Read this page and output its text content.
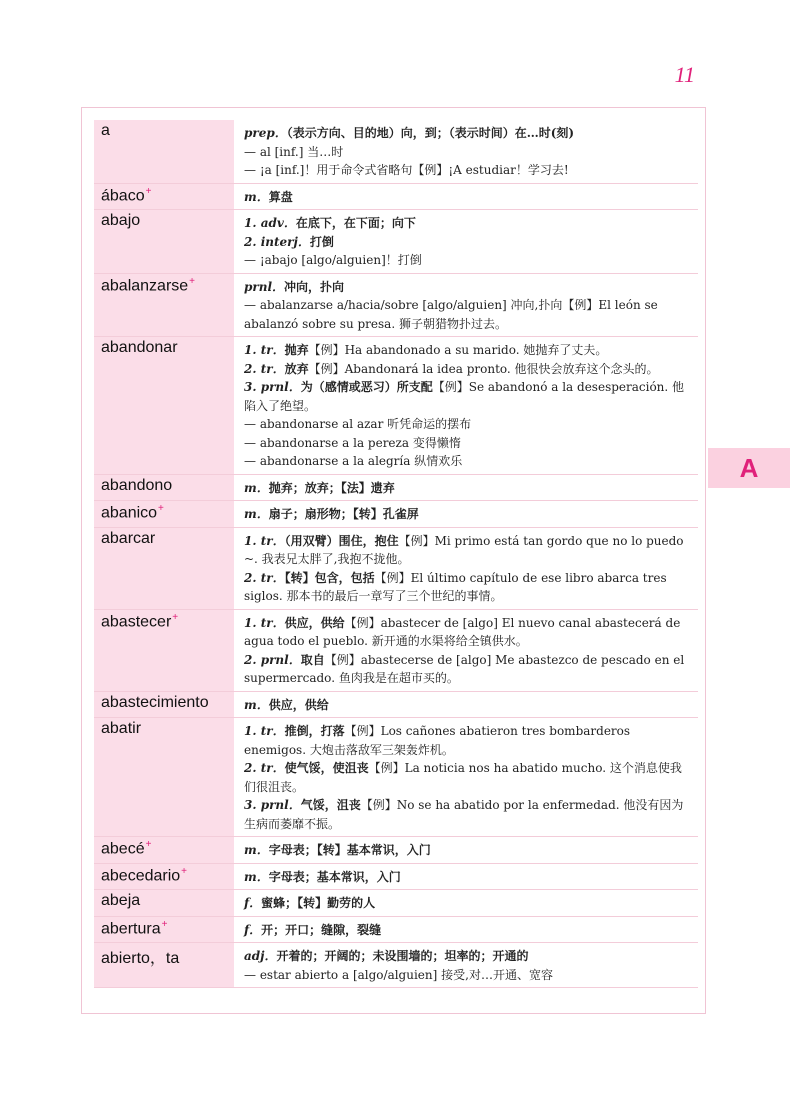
11
A
a	prep．（表示方向、目的地）向，到；（表示时间）在…时(刻)
— al [inf.] 当…时
— ¡a [inf.]！用于命令式省略句【例】¡A estudiar！学习去!
ábaco+	m．算盘
abajo	1. adv．在底下，在下面；向下
2. interj．打倒
— ¡abajo [algo/alguien]！打倒
abalanzarse+	prnl．冲向，扑向
— abalanzarse a/hacia/sobre [algo/alguien] 冲向,扑向【例】El león se abalanzó sobre su presa. 狮子朝猎物扑过去。
abandonar	1. tr．抛弃【例】Ha abandonado a su marido. 她抛弃了丈夫。
2. tr．放弃【例】Abandonará la idea pronto. 他很快会放弃这个念头的。
3. prnl．为（感情或恶习）所支配【例】Se abandonó a la desesperación. 他陷入了绝望。
— abandonarse al azar 听凭命运的摆布
— abandonarse a la pereza 变得懒惰
— abandonarse a la alegría 纵情欢乐
abandono	m．抛弃；放弃；【法】遗弃
abanico+	m．扇子；扇形物；【转】孔雀屏
abarcar	1. tr．（用双臂）围住，抱住【例】Mi primo está tan gordo que no lo puedo ~. 我表兄太胖了,我抱不拢他。
2. tr．【转】包含，包括【例】El último capítulo de ese libro abarca tres siglos. 那本书的最后一章写了三个世纪的事情。
abastecer+	1. tr．供应，供给【例】abastecer de [algo] El nuevo canal abastecerá de agua todo el pueblo. 新开通的水渠将给全镇供水。
2. prnl．取自【例】abastecerse de [algo] Me abastezco de pescado en el supermercado. 鱼肉我是在超市买的。
abastecimiento	m．供应，供给
abatir	1. tr．推倒，打落【例】Los cañones abatieron tres bombarderos enemigos. 大炮击落敌军三架轰炸机。
2. tr．使气馁，使沮丧【例】La noticia nos ha abatido mucho. 这个消息使我们很沮丧。
3. prnl．气馁，沮丧【例】No se ha abatido por la enfermedad. 他没有因为生病而萎靡不振。
abecé+	m．字母表；【转】基本常识，入门
abecedario+	m．字母表；基本常识，入门
abeja	f．蜜蜂；【转】勤劳的人
abertura+	f．开；开口；缝隙，裂缝
abierto，ta	adj．开着的；开阔的；未设围墙的；坦率的；开通的
— estar abierto a [algo/alguien] 接受,对…开通、宽容
